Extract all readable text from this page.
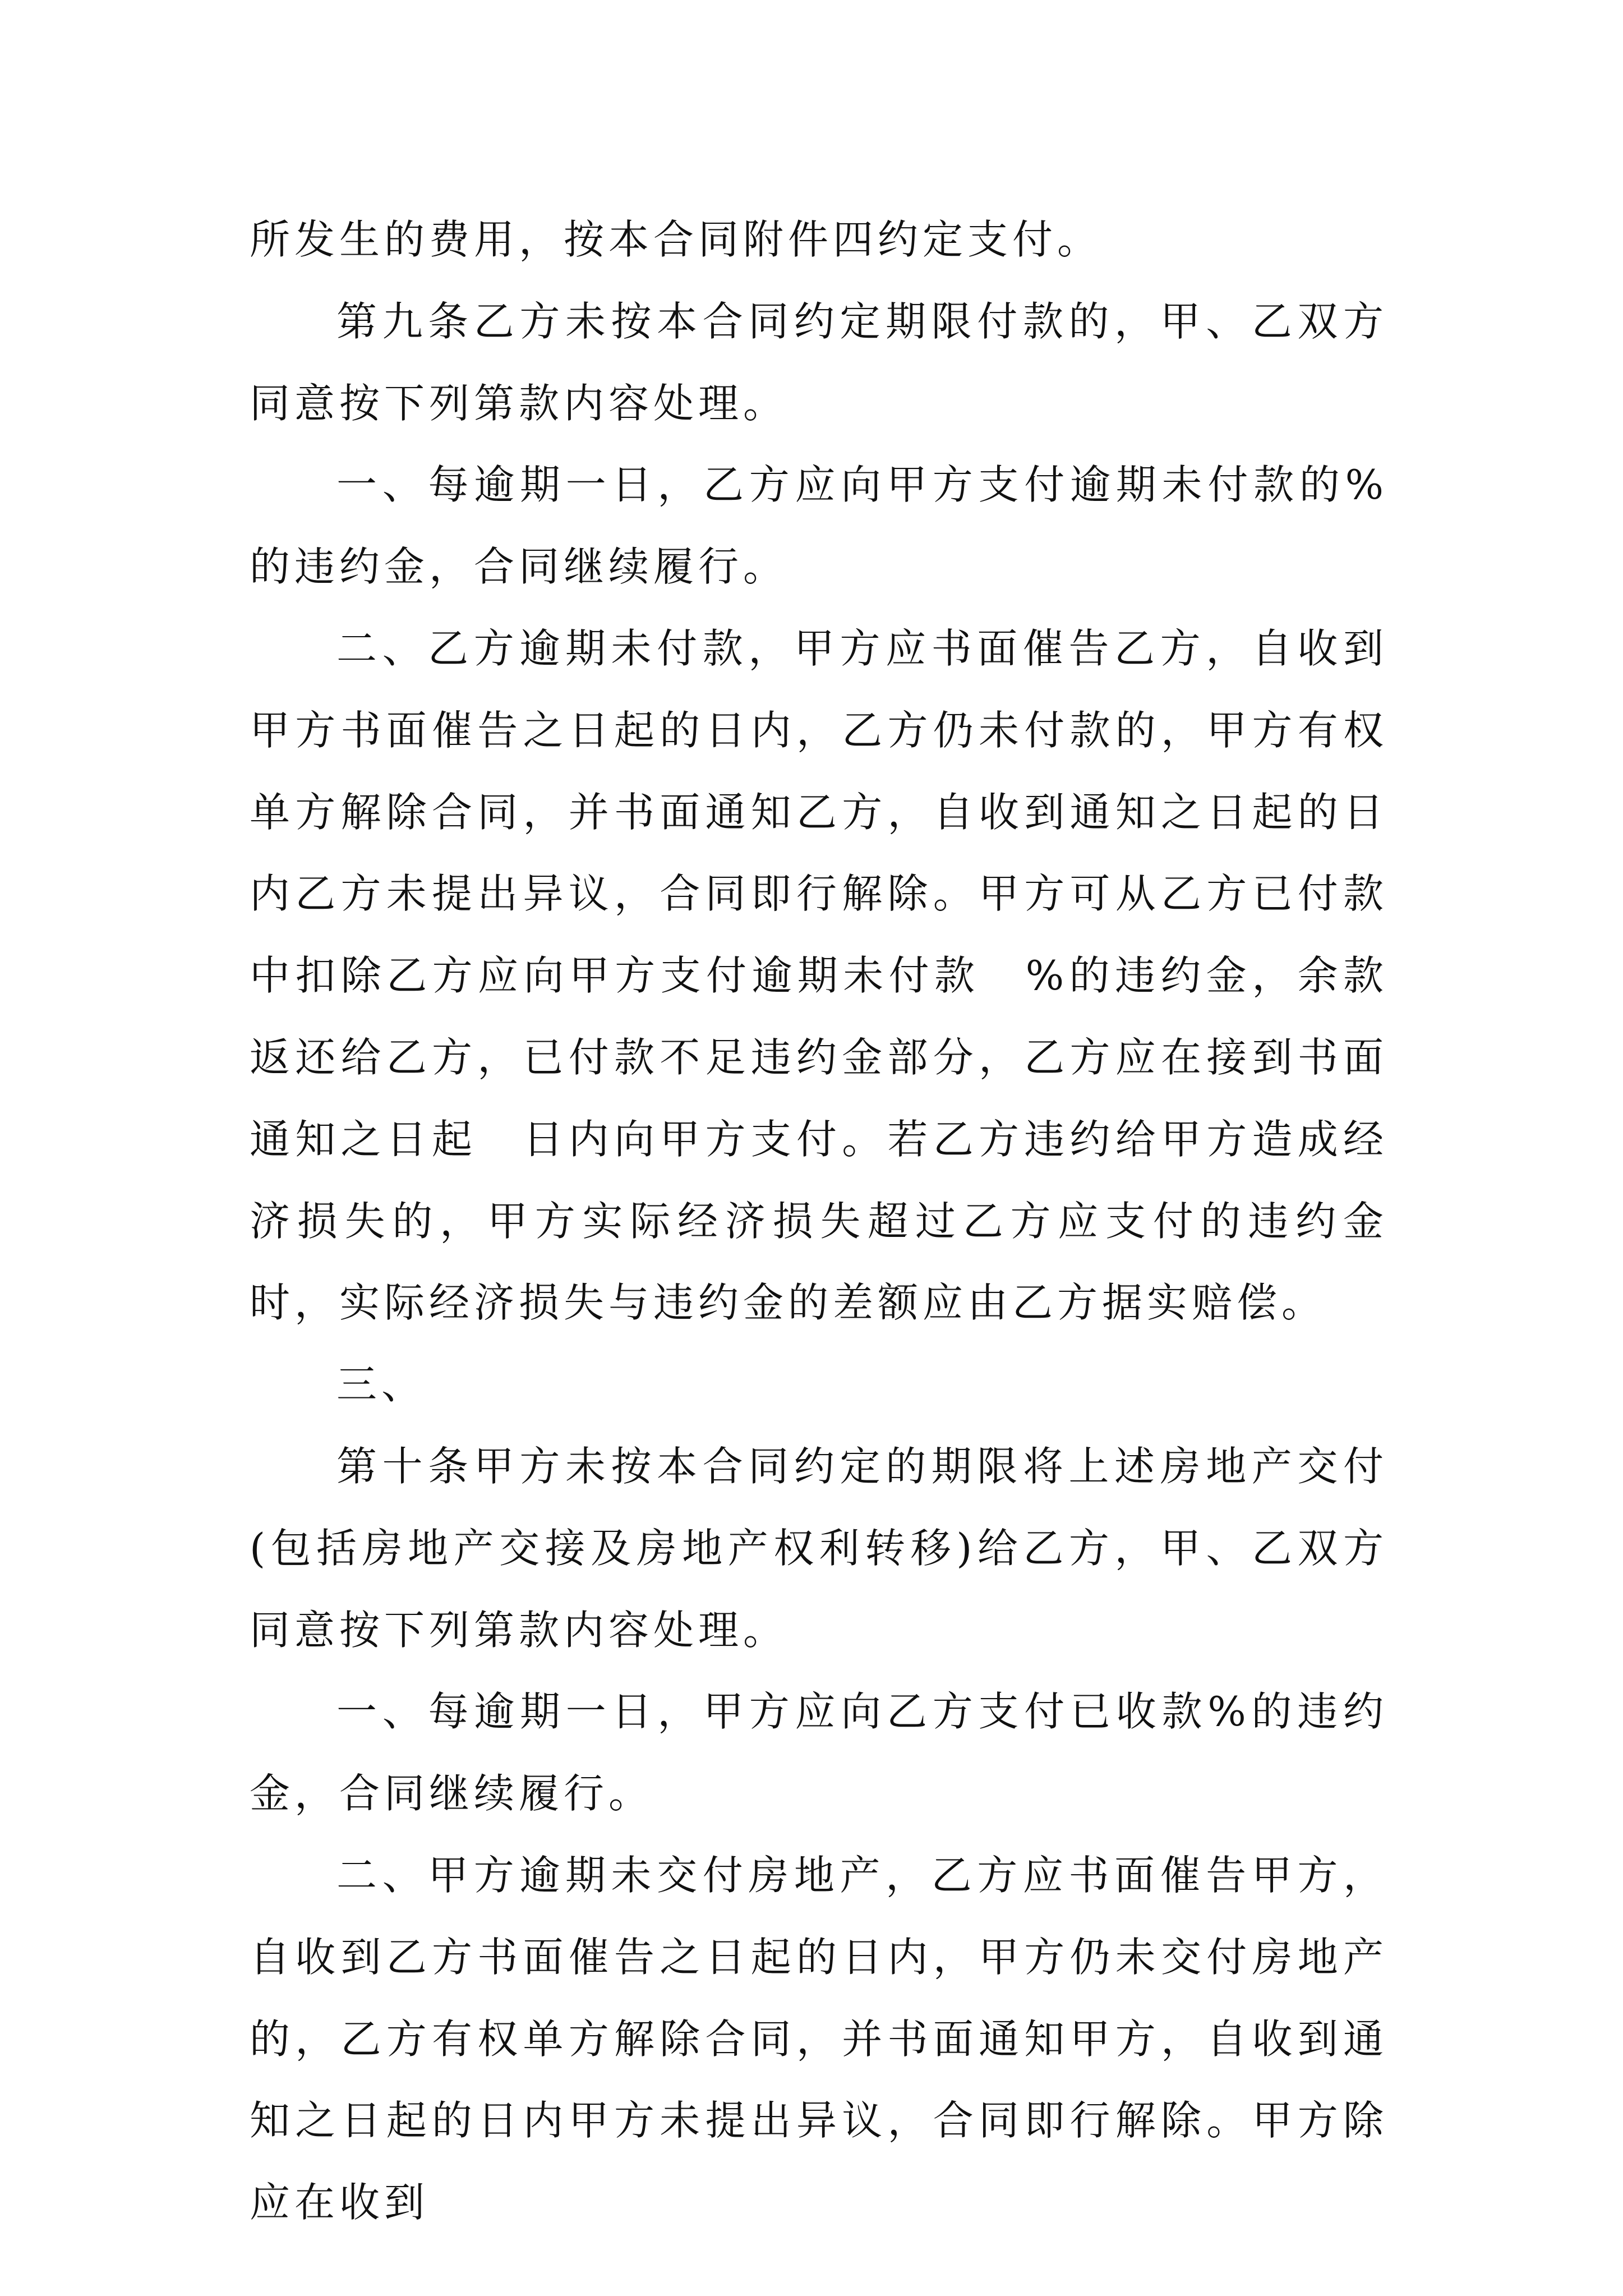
所发生的费用，按本合同附件四约定支付。

第九条乙方未按本合同约定期限付款的，甲、乙双方同意按下列第款内容处理。

一、每逾期一日，乙方应向甲方支付逾期未付款的%的违约金，合同继续履行。

二、乙方逾期未付款，甲方应书面催告乙方，自收到甲方书面催告之日起的日内，乙方仍未付款的，甲方有权单方解除合同，并书面通知乙方，自收到通知之日起的日内乙方未提出异议，合同即行解除。甲方可从乙方已付款中扣除乙方应向甲方支付逾期未付款　%的违约金，余款返还给乙方，已付款不足违约金部分，乙方应在接到书面通知之日起　日内向甲方支付。若乙方违约给甲方造成经济损失的，甲方实际经济损失超过乙方应支付的违约金时，实际经济损失与违约金的差额应由乙方据实赔偿。

三、

第十条甲方未按本合同约定的期限将上述房地产交付(包括房地产交接及房地产权利转移)给乙方，甲、乙双方同意按下列第款内容处理。

一、每逾期一日，甲方应向乙方支付已收款%的违约金，合同继续履行。

二、甲方逾期未交付房地产，乙方应书面催告甲方，自收到乙方书面催告之日起的日内，甲方仍未交付房地产的，乙方有权单方解除合同，并书面通知甲方，自收到通知之日起的日内甲方未提出异议，合同即行解除。甲方除应在收到
